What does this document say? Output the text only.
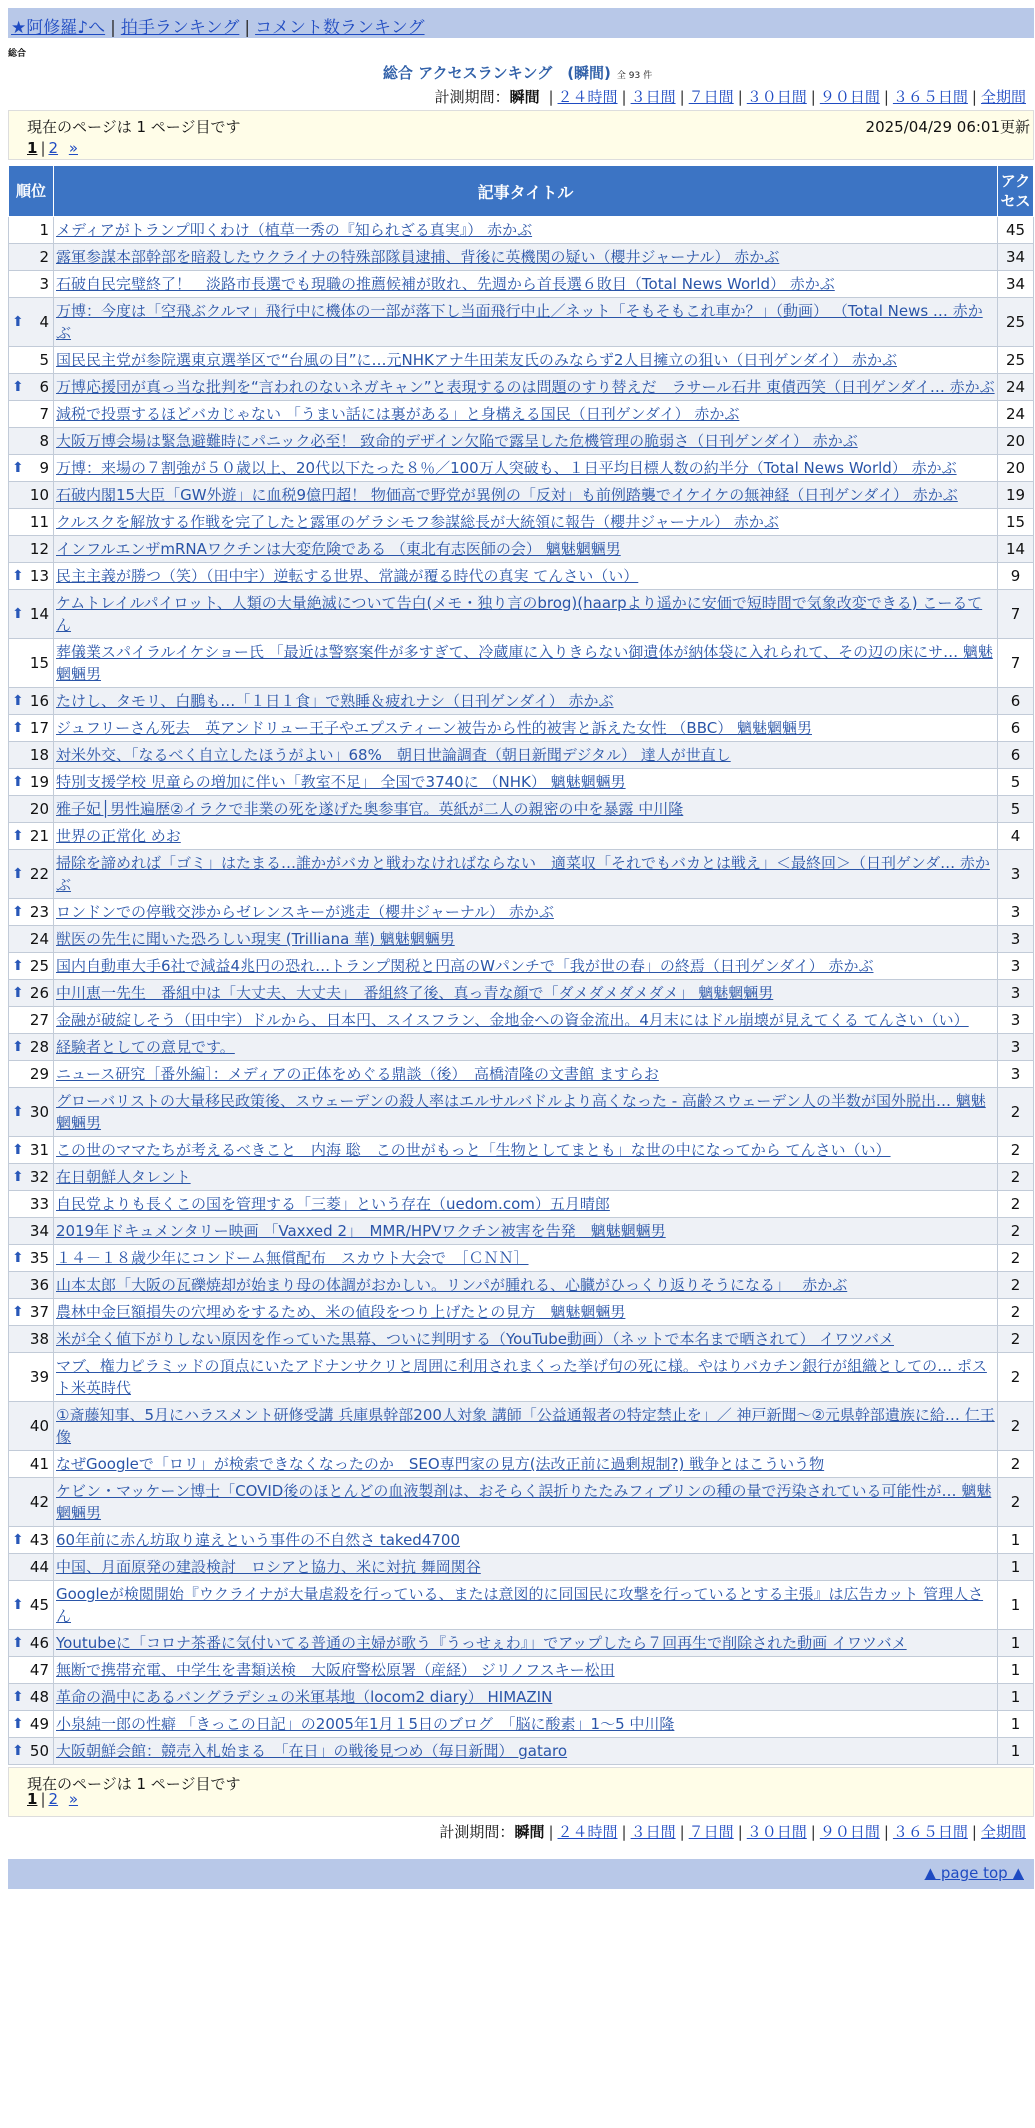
★阿修羅♪へ | 拍手ランキング | コメント数ランキング
総合
総合 アクセスランキング　(瞬間) 全 93 件
計測期間：瞬間 | ２４時間 | ３日間 | ７日間 | ３０日間 | ９０日間 | ３６５日間 | 全期間
現在のページは 1 ページ目です	2025/04/29 06:01更新
1 | 2 »
順位	記事タイトル	アクセス
1	メディアがトランプ叩くわけ（植草一秀の『知られざる真実』） 赤かぶ	45
2	露軍参謀本部幹部を暗殺したウクライナの特殊部隊員逮捕、背後に英機関の疑い（櫻井ジャーナル） 赤かぶ	34
3	石破自民完璧終了！　淡路市長選でも現職の推薦候補が敗れ、先週から首長選６敗目（Total News World） 赤かぶ	34

⬆ 4	万博：今度は「空飛ぶクルマ」飛行中に機体の一部が落下し当面飛行中止／ネット「そもそもこれ車か？」（動画） （Total News … 赤かぶ	25
5	国民民主党が参院選東京選挙区で“台風の目”に…元NHKアナ牛田茉友氏のみならず2人目擁立の狙い（日刊ゲンダイ） 赤かぶ	25

⬆ 6	万博応援団が真っ当な批判を“言われのないネガキャン”と表現するのは問題のすり替えだ　ラサール石井 東債西笑（日刊ゲンダイ… 赤かぶ	24
7	減税で投票するほどバカじゃない 「うまい話には裏がある」と身構える国民（日刊ゲンダイ） 赤かぶ	24
8	大阪万博会場は緊急避難時にパニック必至！ 致命的デザイン欠陥で露呈した危機管理の脆弱さ（日刊ゲンダイ） 赤かぶ	20

⬆ 9	万博：来場の７割強が５０歳以上、20代以下たった８％／100万人突破も、１日平均目標人数の約半分（Total News World） 赤かぶ	20
10	石破内閣15大臣「GW外遊」に血税9億円超！ 物価高で野党が異例の「反対」も前例踏襲でイケイケの無神経（日刊ゲンダイ） 赤かぶ	19
11	クルスクを解放する作戦を完了したと露軍のゲラシモフ参謀総長が大統領に報告（櫻井ジャーナル） 赤かぶ	15
12	インフルエンザmRNAワクチンは大変危険である （東北有志医師の会） 魑魅魍魎男	14

⬆ 13	民主主義が勝つ（笑）（田中宇）逆転する世界、常識が覆る時代の真実 てんさい（い）	9

⬆ 14	ケムトレイルパイロット、人類の大量絶滅について告白(メモ・独り言のbrog)(haarpより遥かに安価で短時間で気象改変できる) こーるてん	7
15	葬儀業スパイラルイケショー氏 「最近は警察案件が多すぎて、冷蔵庫に入りきらない御遺体が納体袋に入れられて、その辺の床にサ… 魑魅魍魎男	7

⬆ 16	たけし、タモリ、白鵬も…「１日１食」で熟睡＆疲れナシ（日刊ゲンダイ） 赤かぶ	6

⬆ 17	ジュフリーさん死去　英アンドリュー王子やエプスティーン被告から性的被害と訴えた女性 （BBC） 魑魅魍魎男	6
18	対米外交、「なるべく自立したほうがよい」68%　朝日世論調査（朝日新聞デジタル） 達人が世直し	6

⬆ 19	特別支援学校 児童らの増加に伴い「教室不足」 全国で3740に （NHK） 魑魅魍魎男	5
20	雅子妃│男性遍歴②イラクで非業の死を遂げた奥参事官。英紙が二人の親密の中を暴露 中川隆	5

⬆ 21	世界の正常化 めお	4

⬆ 22	掃除を諦めれば「ゴミ」はたまる…誰かがバカと戦わなければならない　適菜収「それでもバカとは戦え」＜最終回＞（日刊ゲンダ… 赤かぶ	3

⬆ 23	ロンドンでの停戦交渉からゼレンスキーが逃走（櫻井ジャーナル） 赤かぶ	3
24	獣医の先生に聞いた恐ろしい現実 (Trilliana 華) 魑魅魍魎男	3

⬆ 25	国内自動車大手6社で減益4兆円の恐れ…トランプ関税と円高のWパンチで「我が世の春」の終焉（日刊ゲンダイ） 赤かぶ	3

⬆ 26	中川恵一先生　番組中は「大丈夫、大丈夫」　番組終了後、真っ青な顔で「ダメダメダメダメ」 魑魅魍魎男	3
27	金融が破綻しそう（田中宇）ドルから、日本円、スイスフラン、金地金への資金流出。4月末にはドル崩壊が見えてくる てんさい（い）	3

⬆ 28	経験者としての意見です。	3
29	ニュース研究［番外編］：メディアの正体をめぐる鼎談（後）　高橋清隆の文書館 ますらお	3

⬆ 30	グローバリストの大量移民政策後、スウェーデンの殺人率はエルサルバドルより高くなった - 高齢スウェーデン人の半数が国外脱出… 魑魅魍魎男	2

⬆ 31	この世のママたちが考えるべきこと　内海 聡　この世がもっと「生物としてまとも」な世の中になってから てんさい（い）	2

⬆ 32	在日朝鮮人タレント	2
33	自民党よりも長くこの国を管理する「三菱」という存在（uedom.com）五月晴郎	2
34	2019年ドキュメンタリー映画 「Vaxxed 2」　MMR/HPVワクチン被害を告発　魑魅魍魎男	2

⬆ 35	１４－１８歳少年にコンドーム無償配布　スカウト大会で　［ＣＮＮ］	2
36	山本太郎「大阪の瓦礫焼却が始まり母の体調がおかしい。リンパが腫れる、心臓がひっくり返りそうになる」　 赤かぶ	2

⬆ 37	農林中金巨額損失の穴埋めをするため、米の値段をつり上げたとの見方　魑魅魍魎男	2
38	米が全く値下がりしない原因を作っていた黒幕、ついに判明する（YouTube動画）（ネットで本名まで晒されて） イワツバメ	2
39	マブ、権力ピラミッドの頂点にいたアドナンサクリと周囲に利用されまくった挙げ句の死に様。やはりバカチン銀行が組織としての… ポスト米英時代	2
40	①斎藤知事、5月にハラスメント研修受講 兵庫県幹部200人対象 講師「公益通報者の特定禁止を」／ 神戸新聞～②元県幹部遺族に給… 仁王像	2
41	なぜGoogleで「ロリ」が検索できなくなったのか　SEO専門家の見方(法改正前に過剰規制?) 戦争とはこういう物	2
42	ケビン・マッケーン博士「COVID後のほとんどの血液製剤は、おそらく誤折りたたみフィブリンの種の量で汚染されている可能性が… 魑魅魍魎男	2

⬆ 43	60年前に赤ん坊取り違えという事件の不自然さ taked4700	1
44	中国、月面原発の建設検討　ロシアと協力、米に対抗 舞岡関谷	1

⬆ 45	Googleが検閲開始『ウクライナが大量虐殺を行っている、または意図的に同国民に攻撃を行っているとする主張』は広告カット 管理人さん	1

⬆ 46	Youtubeに「コロナ茶番に気付いてる普通の主婦が歌う『うっせぇわ』」でアップしたら７回再生で削除された動画 イワツバメ	1
47	無断で携帯充電、中学生を書類送検　大阪府警松原署（産経） ジリノフスキー松田	1

⬆ 48	革命の渦中にあるバングラデシュの米軍基地（locom2 diary） HIMAZIN	1

⬆ 49	小泉純一郎の性癖 「きっこの日記」の2005年1月１5日のブログ　「脳に酸素」1～5 中川隆	1

⬆ 50	大阪朝鮮会館：競売入札始まる　「在日」の戦後見つめ（毎日新聞） gataro	1
現在のページは 1 ページ目です
1 | 2 »
▲ page top ▲
計測期間：瞬間 | ２４時間 | ３日間 | ７日間 | ３０日間 | ９０日間 | ３６５日間 | 全期間
